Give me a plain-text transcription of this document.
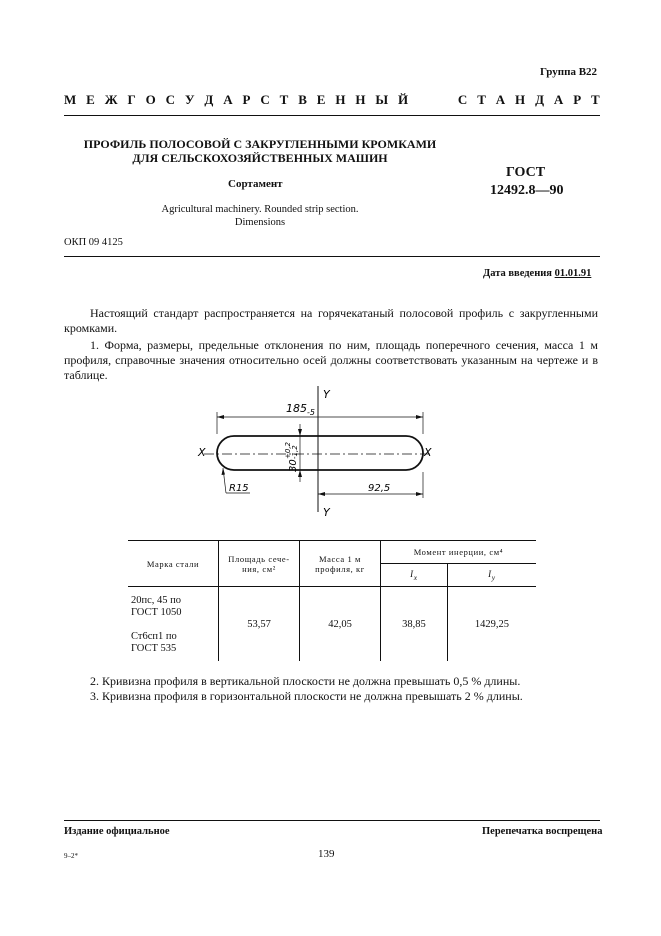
Группа В22
М Е Ж Г О С У Д А Р С Т В Е Н Н Ы Й	С Т А Н Д А Р Т
ПРОФИЛЬ ПОЛОСОВОЙ С ЗАКРУГЛЕННЫМИ КРОМКАМИ
ДЛЯ СЕЛЬСКОХОЗЯЙСТВЕННЫХ МАШИН
ГОСТ
12492.8—90
Сортамент
Agricultural machinery. Rounded strip section.
Dimensions
ОКП 09 4125
Дата введения 01.01.91
Настоящий стандарт распространяется на горячекатаный полосовой профиль с закругленными кромками.
1. Форма, размеры, предельные отклонения по ним, площадь поперечного сечения, масса 1 м профиля, справочные значения относительно осей должны соответствовать указанным на чертеже и в таблице.
185 -5
30
+0,2 -1,2
Y
Y
X	X
R15	92,5
Марка стали	Площадь сече-ния, см²	Масса 1 м профиля, кг	Момент инерции, см⁴	
			$I_x$	$I_y$

20пс, 45 по
ГОСТ 1050
Ст6сп1 по
ГОСТ 535	53,57	42,05	38,85	1429,25
2. Кривизна профиля в вертикальной плоскости не должна превышать 0,5 % длины.
3. Кривизна профиля в горизонтальной плоскости не должна превышать 2 % длины.
Издание официальное	Перепечатка воспрещена
9–2*	139
